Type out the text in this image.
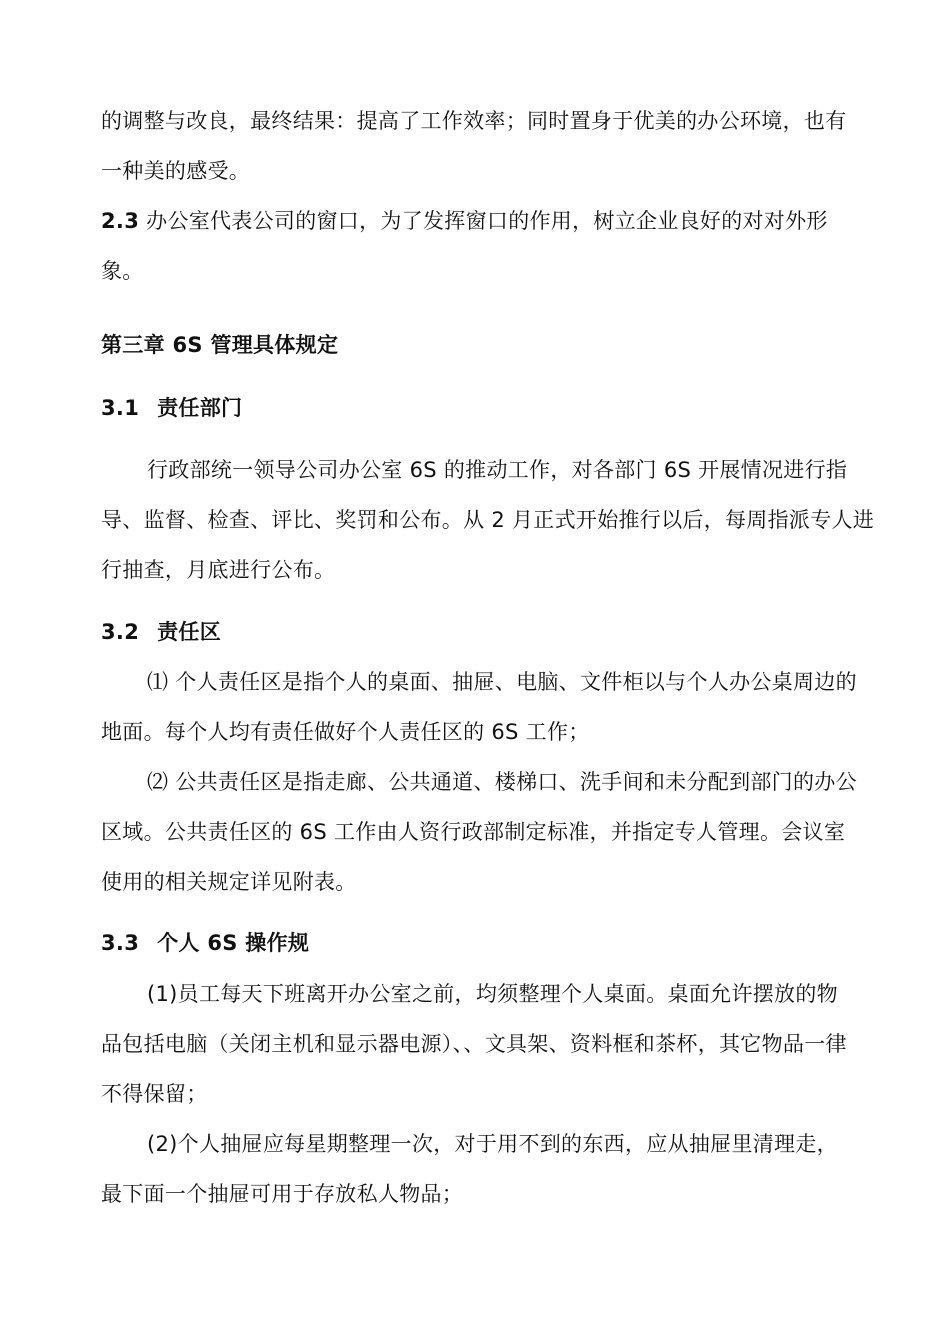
的调整与改良，最终结果：提高了工作效率；同时置身于优美的办公环境，也有
一种美的感受。
2.3 办公室代表公司的窗口，为了发挥窗口的作用，树立企业良好的对对外形
象。
第三章 6S 管理具体规定
3.1 责任部门
行政部统一领导公司办公室 6S 的推动工作，对各部门 6S 开展情况进行指
导、监督、检查、评比、奖罚和公布。从 2 月正式开始推行以后，每周指派专人进
行抽查，月底进行公布。
3.2 责任区
⑴ 个人责任区是指个人的桌面、抽屉、电脑、文件柜以与个人办公桌周边的
地面。每个人均有责任做好个人责任区的 6S 工作；
⑵ 公共责任区是指走廊、公共通道、楼梯口、洗手间和未分配到部门的办公
区域。公共责任区的 6S 工作由人资行政部制定标准，并指定专人管理。会议室
使用的相关规定详见附表。
3.3 个人 6S 操作规
(1)员工每天下班离开办公室之前，均须整理个人桌面。桌面允许摆放的物
品包括电脑（关闭主机和显示器电源）、、文具架、资料框和茶杯，其它物品一律
不得保留；
(2)个人抽屉应每星期整理一次，对于用不到的东西，应从抽屉里清理走，
最下面一个抽屉可用于存放私人物品；
